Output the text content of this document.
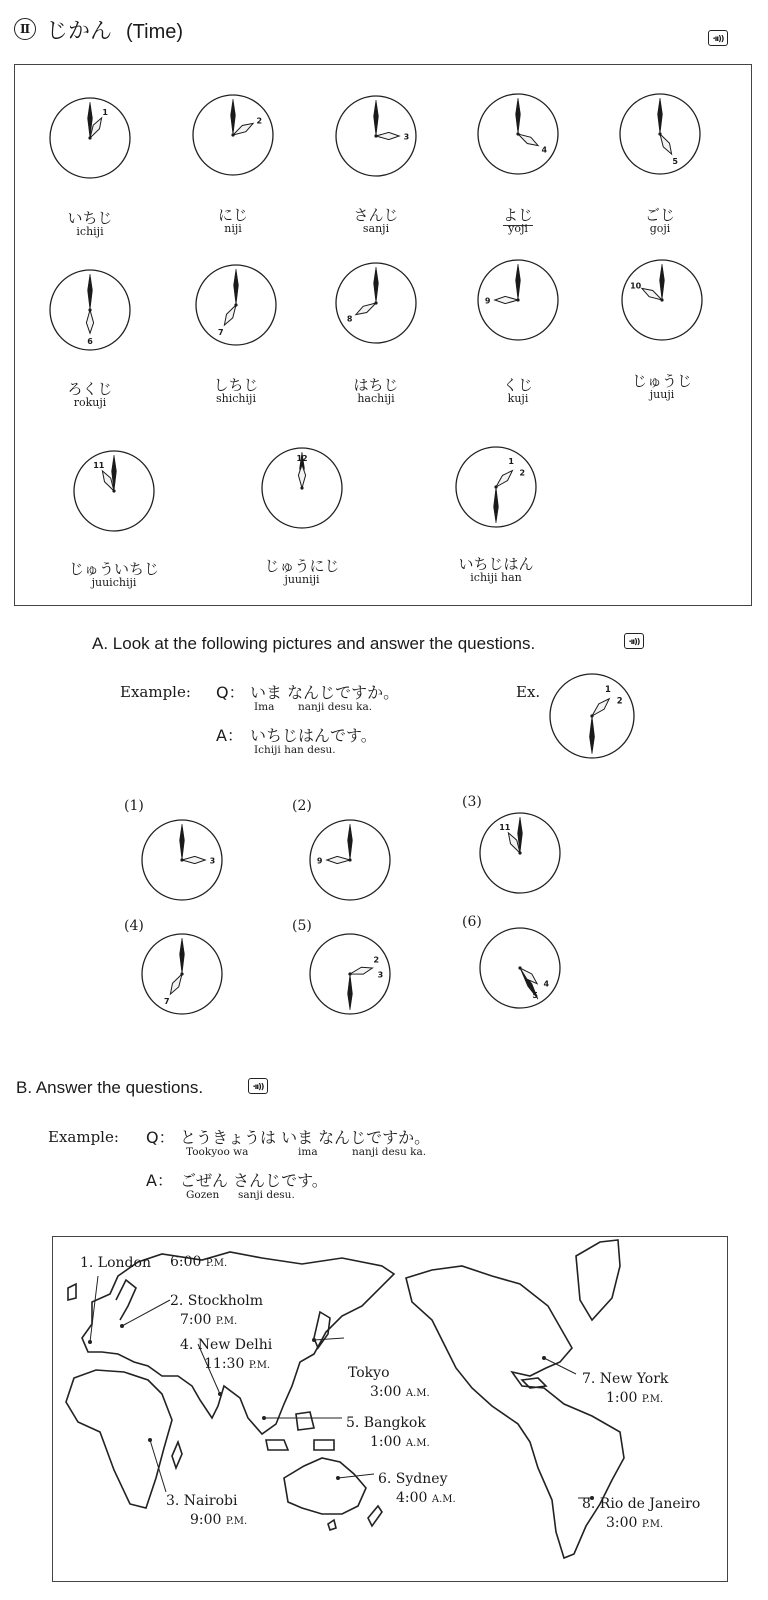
Ⅱ じかん (Time)	·ıı))
1
いちじ
ichiji
2
にじ
niji
3
さんじ
sanji
4
よじ
yoji
5
ごじ
goji
6
ろくじ
rokuji
7
しちじ
shichiji
8
はちじ
hachiji
9
くじ
kuji
10
じゅうじ
juuji
11
じゅういちじ
juuichiji
12
じゅうにじ
juuniji
1
2
いちじはん
ichiji han
A. Look at the following pictures and answer the questions.	·ıı))
Example: Q： いま なんじですか。
Ima nanji desu ka.
A： いちじはんです。
Ichiji han desu.
Ex.	1
2
3
(1)
9
(2)
11
(3)
7
(4)
2
3
(5)
4
5
(6)
B. Answer the questions.	·ıı))
Example: Q： とうきょうは いま なんじですか。
Tookyoo wa	ima	nanji desu ka.
A： ごぜん さんじです。
Gozen sanji desu.
1. London 6:00 P.M.
2. Stockholm
7:00 P.M.
3. Nairobi
9:00 P.M.
4. New Delhi
11:30 P.M.	Tokyo
3:00 A.M.
5. Bangkok
1:00 A.M.
6. Sydney
4:00 A.M.
7. New York
1:00 P.M.
8. Rio de Janeiro
3:00 P.M.
